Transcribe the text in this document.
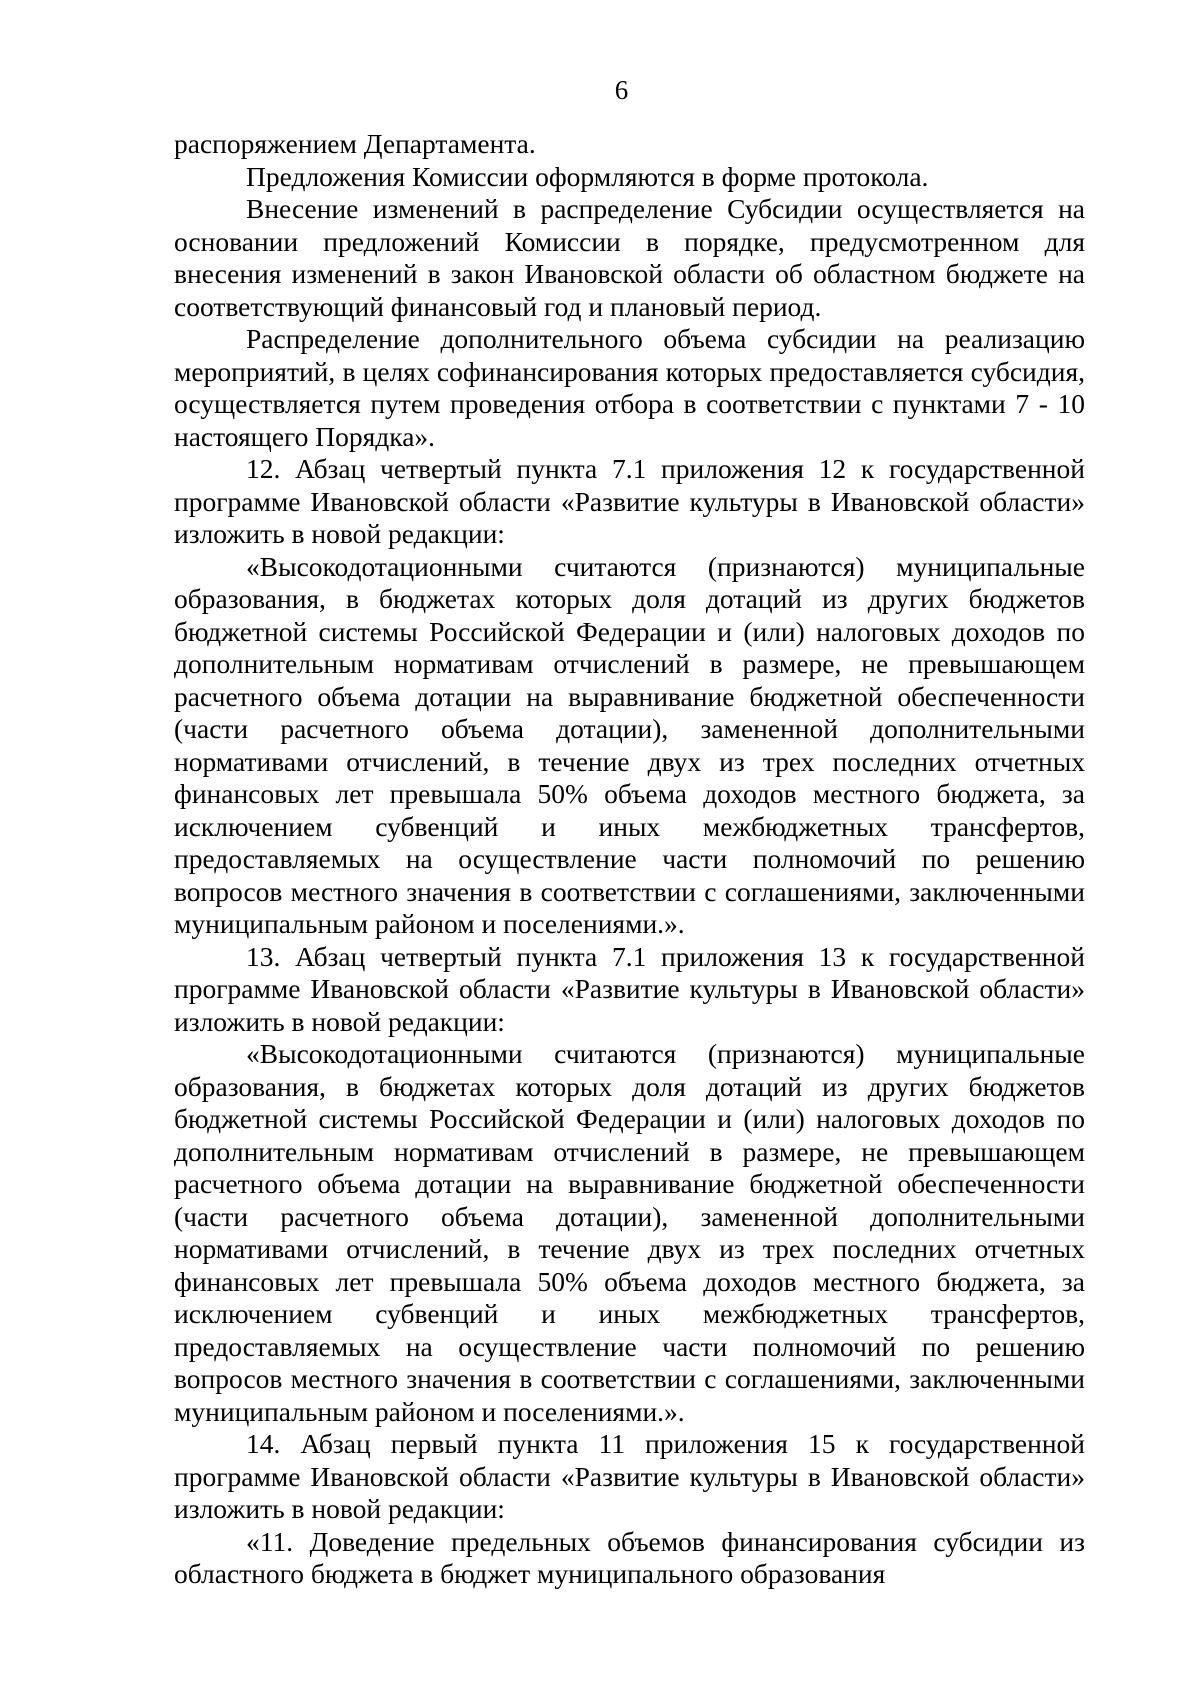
6

распоряжением Департамента.

Предложения Комиссии оформляются в форме протокола.

Внесение изменений в распределение Субсидии осуществляется на основании предложений Комиссии в порядке, предусмотренном для внесения изменений в закон Ивановской области об областном бюджете на соответствующий финансовый год и плановый период.

Распределение дополнительного объема субсидии на реализацию мероприятий, в целях софинансирования которых предоставляется субсидия, осуществляется путем проведения отбора в соответствии с пунктами 7 - 10 настоящего Порядка».

12. Абзац четвертый пункта 7.1 приложения 12 к государственной программе Ивановской области «Развитие культуры в Ивановской области» изложить в новой редакции:

«Высокодотационными считаются (признаются) муниципальные образования, в бюджетах которых доля дотаций из других бюджетов бюджетной системы Российской Федерации и (или) налоговых доходов по дополнительным нормативам отчислений в размере, не превышающем расчетного объема дотации на выравнивание бюджетной обеспеченности (части расчетного объема дотации), замененной дополнительными нормативами отчислений, в течение двух из трех последних отчетных финансовых лет превышала 50% объема доходов местного бюджета, за исключением субвенций и иных межбюджетных трансфертов, предоставляемых на осуществление части полномочий по решению вопросов местного значения в соответствии с соглашениями, заключенными муниципальным районом и поселениями.».

13. Абзац четвертый пункта 7.1 приложения 13 к государственной программе Ивановской области «Развитие культуры в Ивановской области» изложить в новой редакции:

«Высокодотационными считаются (признаются) муниципальные образования, в бюджетах которых доля дотаций из других бюджетов бюджетной системы Российской Федерации и (или) налоговых доходов по дополнительным нормативам отчислений в размере, не превышающем расчетного объема дотации на выравнивание бюджетной обеспеченности (части расчетного объема дотации), замененной дополнительными нормативами отчислений, в течение двух из трех последних отчетных финансовых лет превышала 50% объема доходов местного бюджета, за исключением субвенций и иных межбюджетных трансфертов, предоставляемых на осуществление части полномочий по решению вопросов местного значения в соответствии с соглашениями, заключенными муниципальным районом и поселениями.».

14. Абзац первый пункта 11 приложения 15 к государственной программе Ивановской области «Развитие культуры в Ивановской области» изложить в новой редакции:

«11. Доведение предельных объемов финансирования субсидии из областного бюджета в бюджет муниципального образования
